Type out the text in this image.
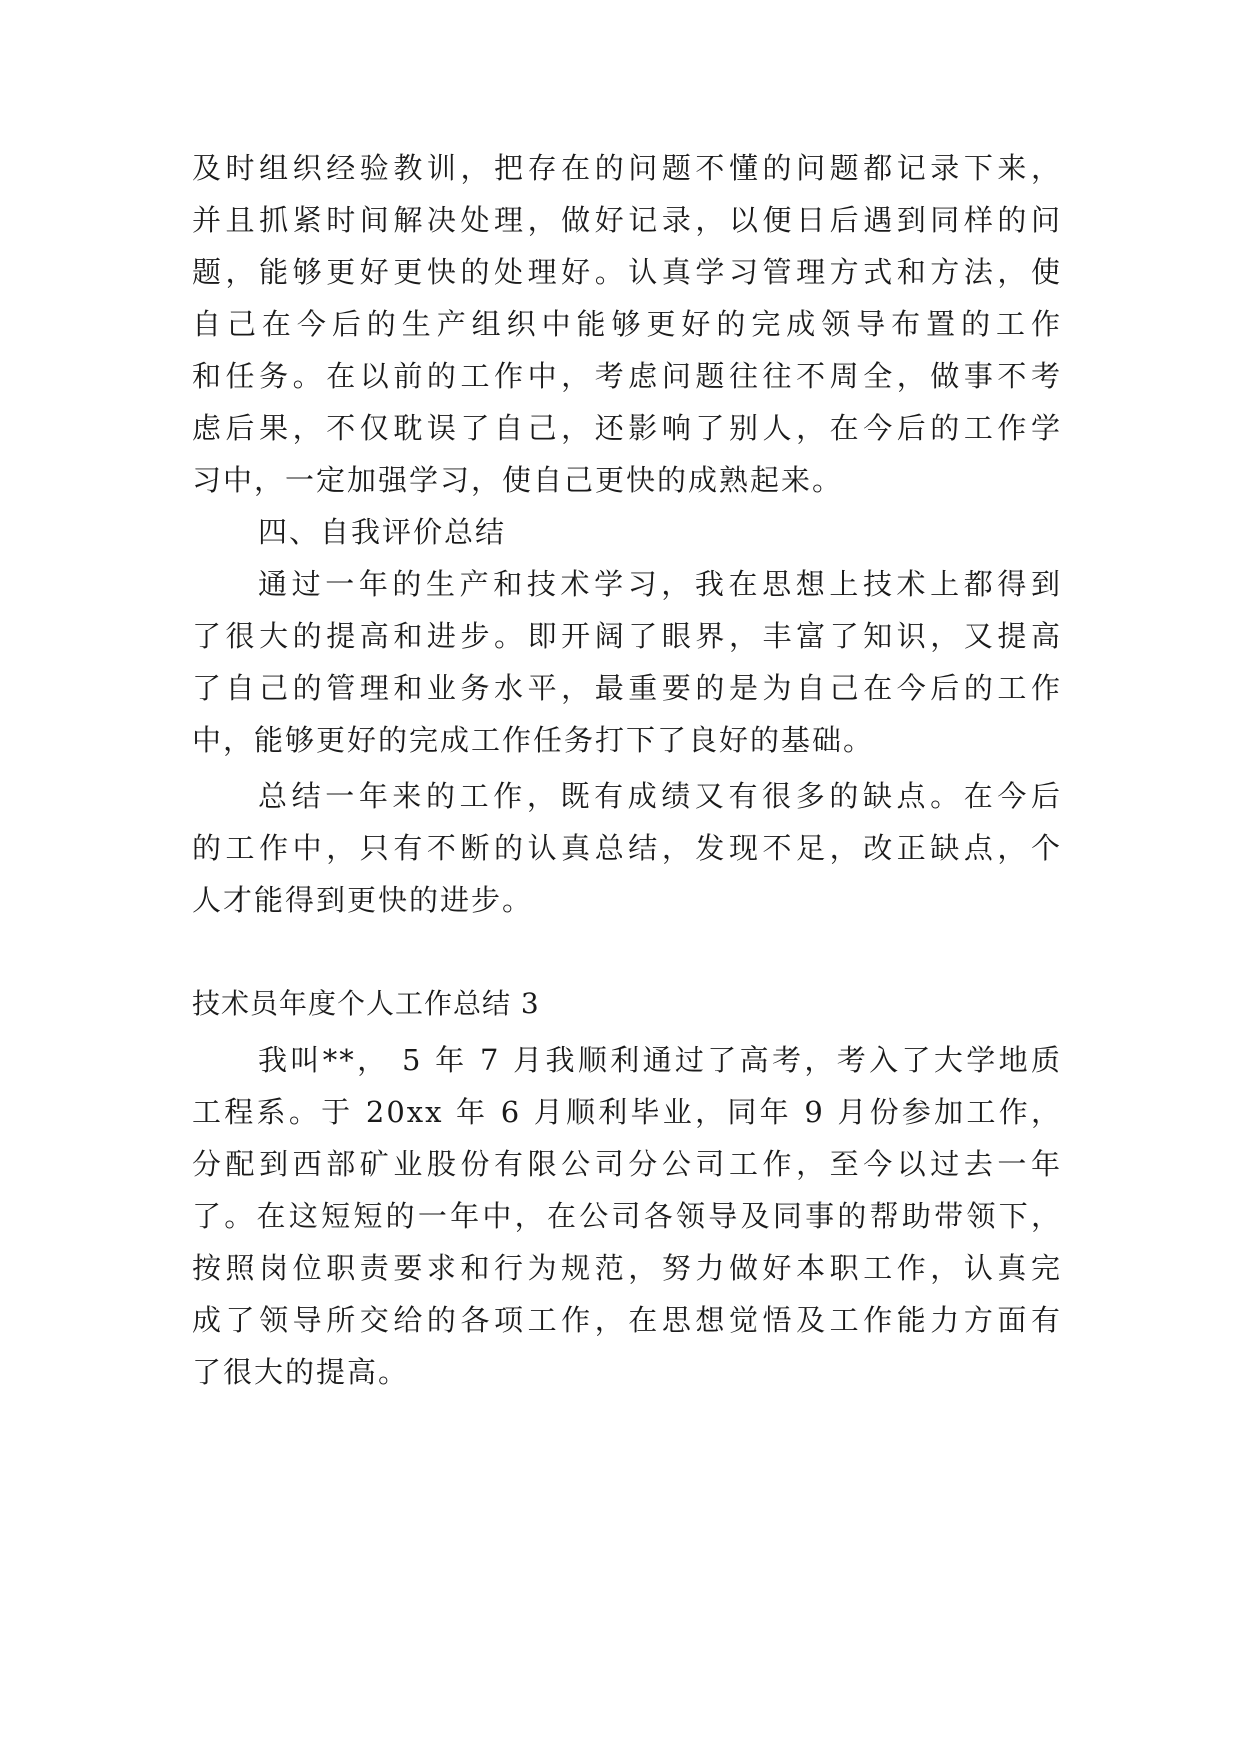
及时组织经验教训，把存在的问题不懂的问题都记录下来，
并且抓紧时间解决处理，做好记录，以便日后遇到同样的问
题，能够更好更快的处理好。认真学习管理方式和方法，使
自己在今后的生产组织中能够更好的完成领导布置的工作
和任务。在以前的工作中，考虑问题往往不周全，做事不考
虑后果，不仅耽误了自己，还影响了别人，在今后的工作学
习中，一定加强学习，使自己更快的成熟起来。
四、自我评价总结
通过一年的生产和技术学习，我在思想上技术上都得到
了很大的提高和进步。即开阔了眼界，丰富了知识，又提高
了自己的管理和业务水平，最重要的是为自己在今后的工作
中，能够更好的完成工作任务打下了良好的基础。
总结一年来的工作，既有成绩又有很多的缺点。在今后
的工作中，只有不断的认真总结，发现不足，改正缺点，个
人才能得到更快的进步。
技术员年度个人工作总结 3
我叫**， 5 年 7 月我顺利通过了高考，考入了大学地质
工程系。于 20xx 年 6 月顺利毕业，同年 9 月份参加工作，
分配到西部矿业股份有限公司分公司工作，至今以过去一年
了。在这短短的一年中，在公司各领导及同事的帮助带领下，
按照岗位职责要求和行为规范，努力做好本职工作，认真完
成了领导所交给的各项工作，在思想觉悟及工作能力方面有
了很大的提高。
